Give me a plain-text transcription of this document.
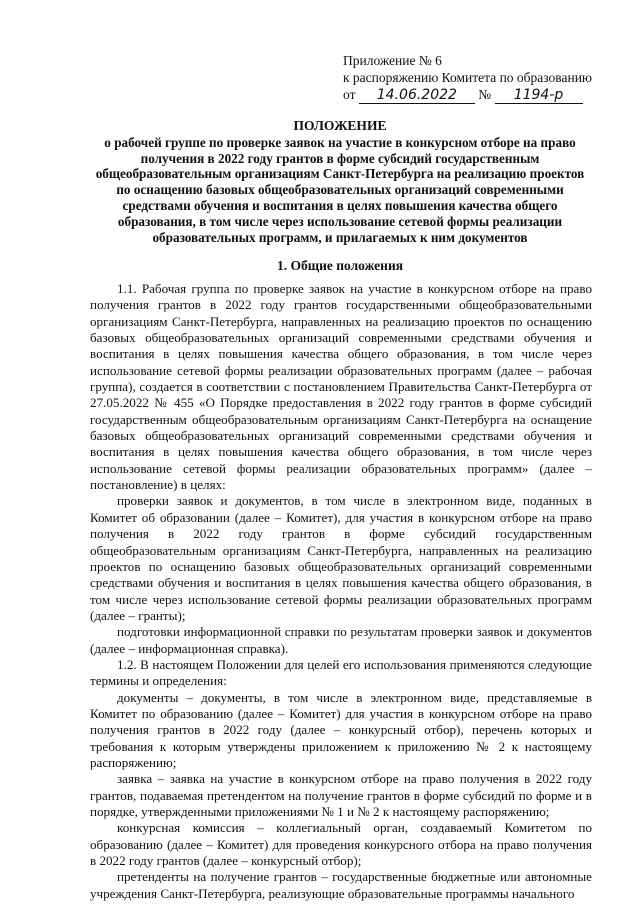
Приложение № 6
к распоряжению Комитета по образованию
от 14.06.2022 № 1194-р
ПОЛОЖЕНИЕ
о рабочей группе по проверке заявок на участие в конкурсном отборе на право получения в 2022 году грантов в форме субсидий государственным общеобразовательным организациям Санкт-Петербурга на реализацию проектов по оснащению базовых общеобразовательных организаций современными средствами обучения и воспитания в целях повышения качества общего образования, в том числе через использование сетевой формы реализации образовательных программ, и прилагаемых к ним документов
1. Общие положения

1.1. Рабочая группа по проверке заявок на участие в конкурсном отборе на право получения грантов в 2022 году грантов государственными общеобразовательными организациям Санкт-Петербурга, направленных на реализацию проектов по оснащению базовых общеобразовательных организаций современными средствами обучения и воспитания в целях повышения качества общего образования, в том числе через использование сетевой формы реализации образовательных программ (далее – рабочая группа), создается в соответствии с постановлением Правительства Санкт-Петербурга от 27.05.2022 № 455 «О Порядке предоставления в 2022 году грантов в форме субсидий государственным общеобразовательным организациям Санкт-Петербурга на оснащение базовых общеобразовательных организаций современными средствами обучения и воспитания в целях повышения качества общего образования, в том числе через использование сетевой формы реализации образовательных программ» (далее – постановление) в целях:

проверки заявок и документов, в том числе в электронном виде, поданных в Комитет об образовании (далее – Комитет), для участия в конкурсном отборе на право получения в 2022 году грантов в форме субсидий государственным общеобразовательным организациям Санкт-Петербурга, направленных на реализацию проектов по оснащению базовых общеобразовательных организаций современными средствами обучения и воспитания в целях повышения качества общего образования, в том числе через использование сетевой формы реализации образовательных программ (далее – гранты);

подготовки информационной справки по результатам проверки заявок и документов (далее – информационная справка).

1.2. В настоящем Положении для целей его использования применяются следующие термины и определения:

документы – документы, в том числе в электронном виде, представляемые в Комитет по образованию (далее – Комитет) для участия в конкурсном отборе на право получения грантов в 2022 году (далее – конкурсный отбор), перечень которых и требования к которым утверждены приложением к приложению № 2 к настоящему распоряжению;

заявка – заявка на участие в конкурсном отборе на право получения в 2022 году грантов, подаваемая претендентом на получение грантов в форме субсидий по форме и в порядке, утвержденными приложениями № 1 и № 2 к настоящему распоряжению;

конкурсная комиссия – коллегиальный орган, создаваемый Комитетом по образованию (далее – Комитет) для проведения конкурсного отбора на право получения в 2022 году грантов (далее – конкурсный отбор);

претенденты на получение грантов – государственные бюджетные или автономные учреждения Санкт-Петербурга, реализующие образовательные программы начального
